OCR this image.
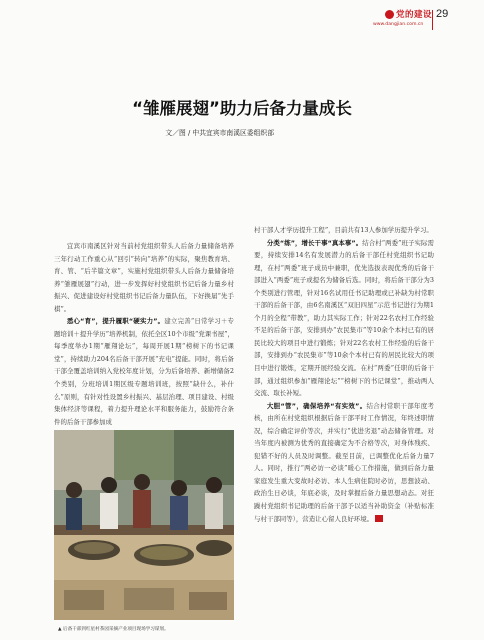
党的建设
www.dangjian.com.cn
29
“雏雁展翅”助力后备力量成长
文／图 / 中共宜宾市南溪区委组织部

宜宾市南溪区针对当前村党组织带头人后备力量储备培养三年行动工作重心从“回引”转向“培养”的实际，聚焦教育培、育、管、“后半篇文章”，实施村党组织带头人后备力量储备培养“雏雁展翅”行动，进一步发挥好村党组织书记后备力量乡村振兴、促进建设好村党组织书记后备力量队伍，下好换届“先手棋”。

悉心“育”，提升履职“硬实力”。建立完善“日常学习＋专题培训＋提升学历”培养机制，依托全区10个市级“党课书屋”，每季度举办1期“雁翔论坛”，每周开展1期“榜树下的书记课堂”，持续助力204名后备干部开展“充电”提能。同时，将后备干部全覆盖培训纳入党校年度计划，分为后备培养、新增储备2个类别，分班培训1期区级专题培训班，按照“缺什么，补什么”原则，有针对性设置乡村振兴、基层治理、项目建设、村级集体经济等课程，着力提升理论水平和服务能力，鼓励符合条件的后备干部参加成

村干部人才学历提升工程”，目前共有13人参加学历提升学习。

分类“练”，增长干事“真本事”。结合村“两委”班子实际需要，持续安排14名有发展潜力的后备干部任村党组织书记助理，在村“两委”班子成员中兼职，优先选拔表现优秀的后备干部进入“两委”班子或提名为储备后选。同时，将后备干部分为3个类别进行管理，针对16名试用任书记助理或已补缺为村常职干部的后备干部，由6名南溪区“双旧四星”示范书记进行为期1个月的全程“带教”，助力其实际工作；针对22名农村工作经验不足的后备干部，安排到办“农民集市”等10余个本村已有的居民比较大的项目中进行锻炼；针对22名农村工作经验的后备干部，安排到办“农民集市”等10余个本村已有的居民比较大的项目中进行锻炼，定期开展经验交流。在村“两委”任职的后备干部，通过组织参加“雁翔论坛”“榜树下的书记课堂”，推动两人交流、取长补短。

大胆“管”，确保培养“有实效”。结合村常职干部年度考核，由所在村党组织根据后备干部平时工作情况，年终述职情况，综合确定评价等次，并实行“优进劣退”动态储备管理。对当年度内被测为优秀的直接确定为不合格等次，对身体残疾、犯错不好的人员及时调整。截至目前，已调整优化后备力量7人。同时，推行“两必访一必谈”暖心工作措施，做到后备力量家庭发生重大变故时必访、本人生病住院时必访，思想波动、政治生日必谈，年底必谈，及时掌握后备力量思想动态。对狂躁村党组织书记助理的后备干部予以适当补助资金（补贴标准与村干部同等），营造让心留人良好环境。

▲ 后备干部到红星村茶园采摘产业项目现场学习谋划。
